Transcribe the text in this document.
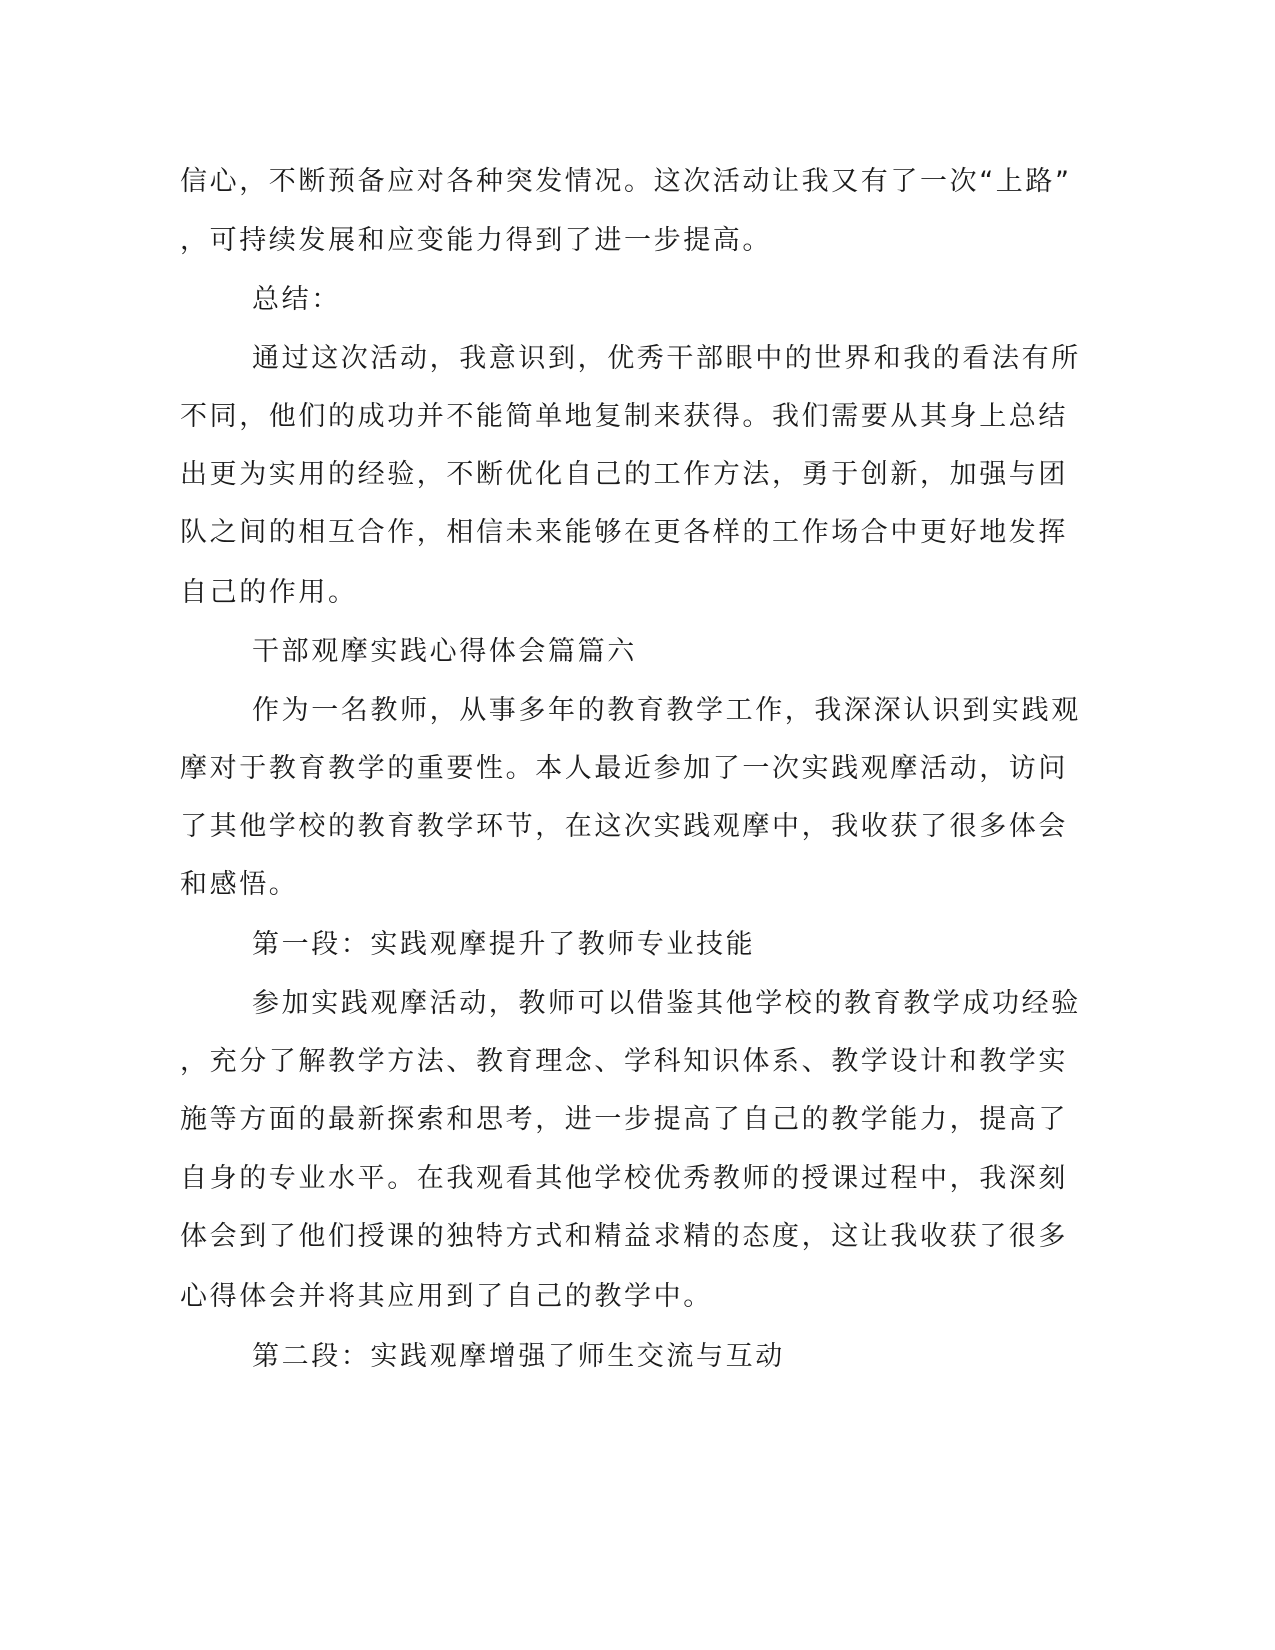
信心，不断预备应对各种突发情况。这次活动让我又有了一次“上路”
，可持续发展和应变能力得到了进一步提高。
总结：
通过这次活动，我意识到，优秀干部眼中的世界和我的看法有所
不同，他们的成功并不能简单地复制来获得。我们需要从其身上总结
出更为实用的经验，不断优化自己的工作方法，勇于创新，加强与团
队之间的相互合作，相信未来能够在更各样的工作场合中更好地发挥
自己的作用。
干部观摩实践心得体会篇篇六
作为一名教师，从事多年的教育教学工作，我深深认识到实践观
摩对于教育教学的重要性。本人最近参加了一次实践观摩活动，访问
了其他学校的教育教学环节，在这次实践观摩中，我收获了很多体会
和感悟。
第一段：实践观摩提升了教师专业技能
参加实践观摩活动，教师可以借鉴其他学校的教育教学成功经验
，充分了解教学方法、教育理念、学科知识体系、教学设计和教学实
施等方面的最新探索和思考，进一步提高了自己的教学能力，提高了
自身的专业水平。在我观看其他学校优秀教师的授课过程中，我深刻
体会到了他们授课的独特方式和精益求精的态度，这让我收获了很多
心得体会并将其应用到了自己的教学中。
第二段：实践观摩增强了师生交流与互动
